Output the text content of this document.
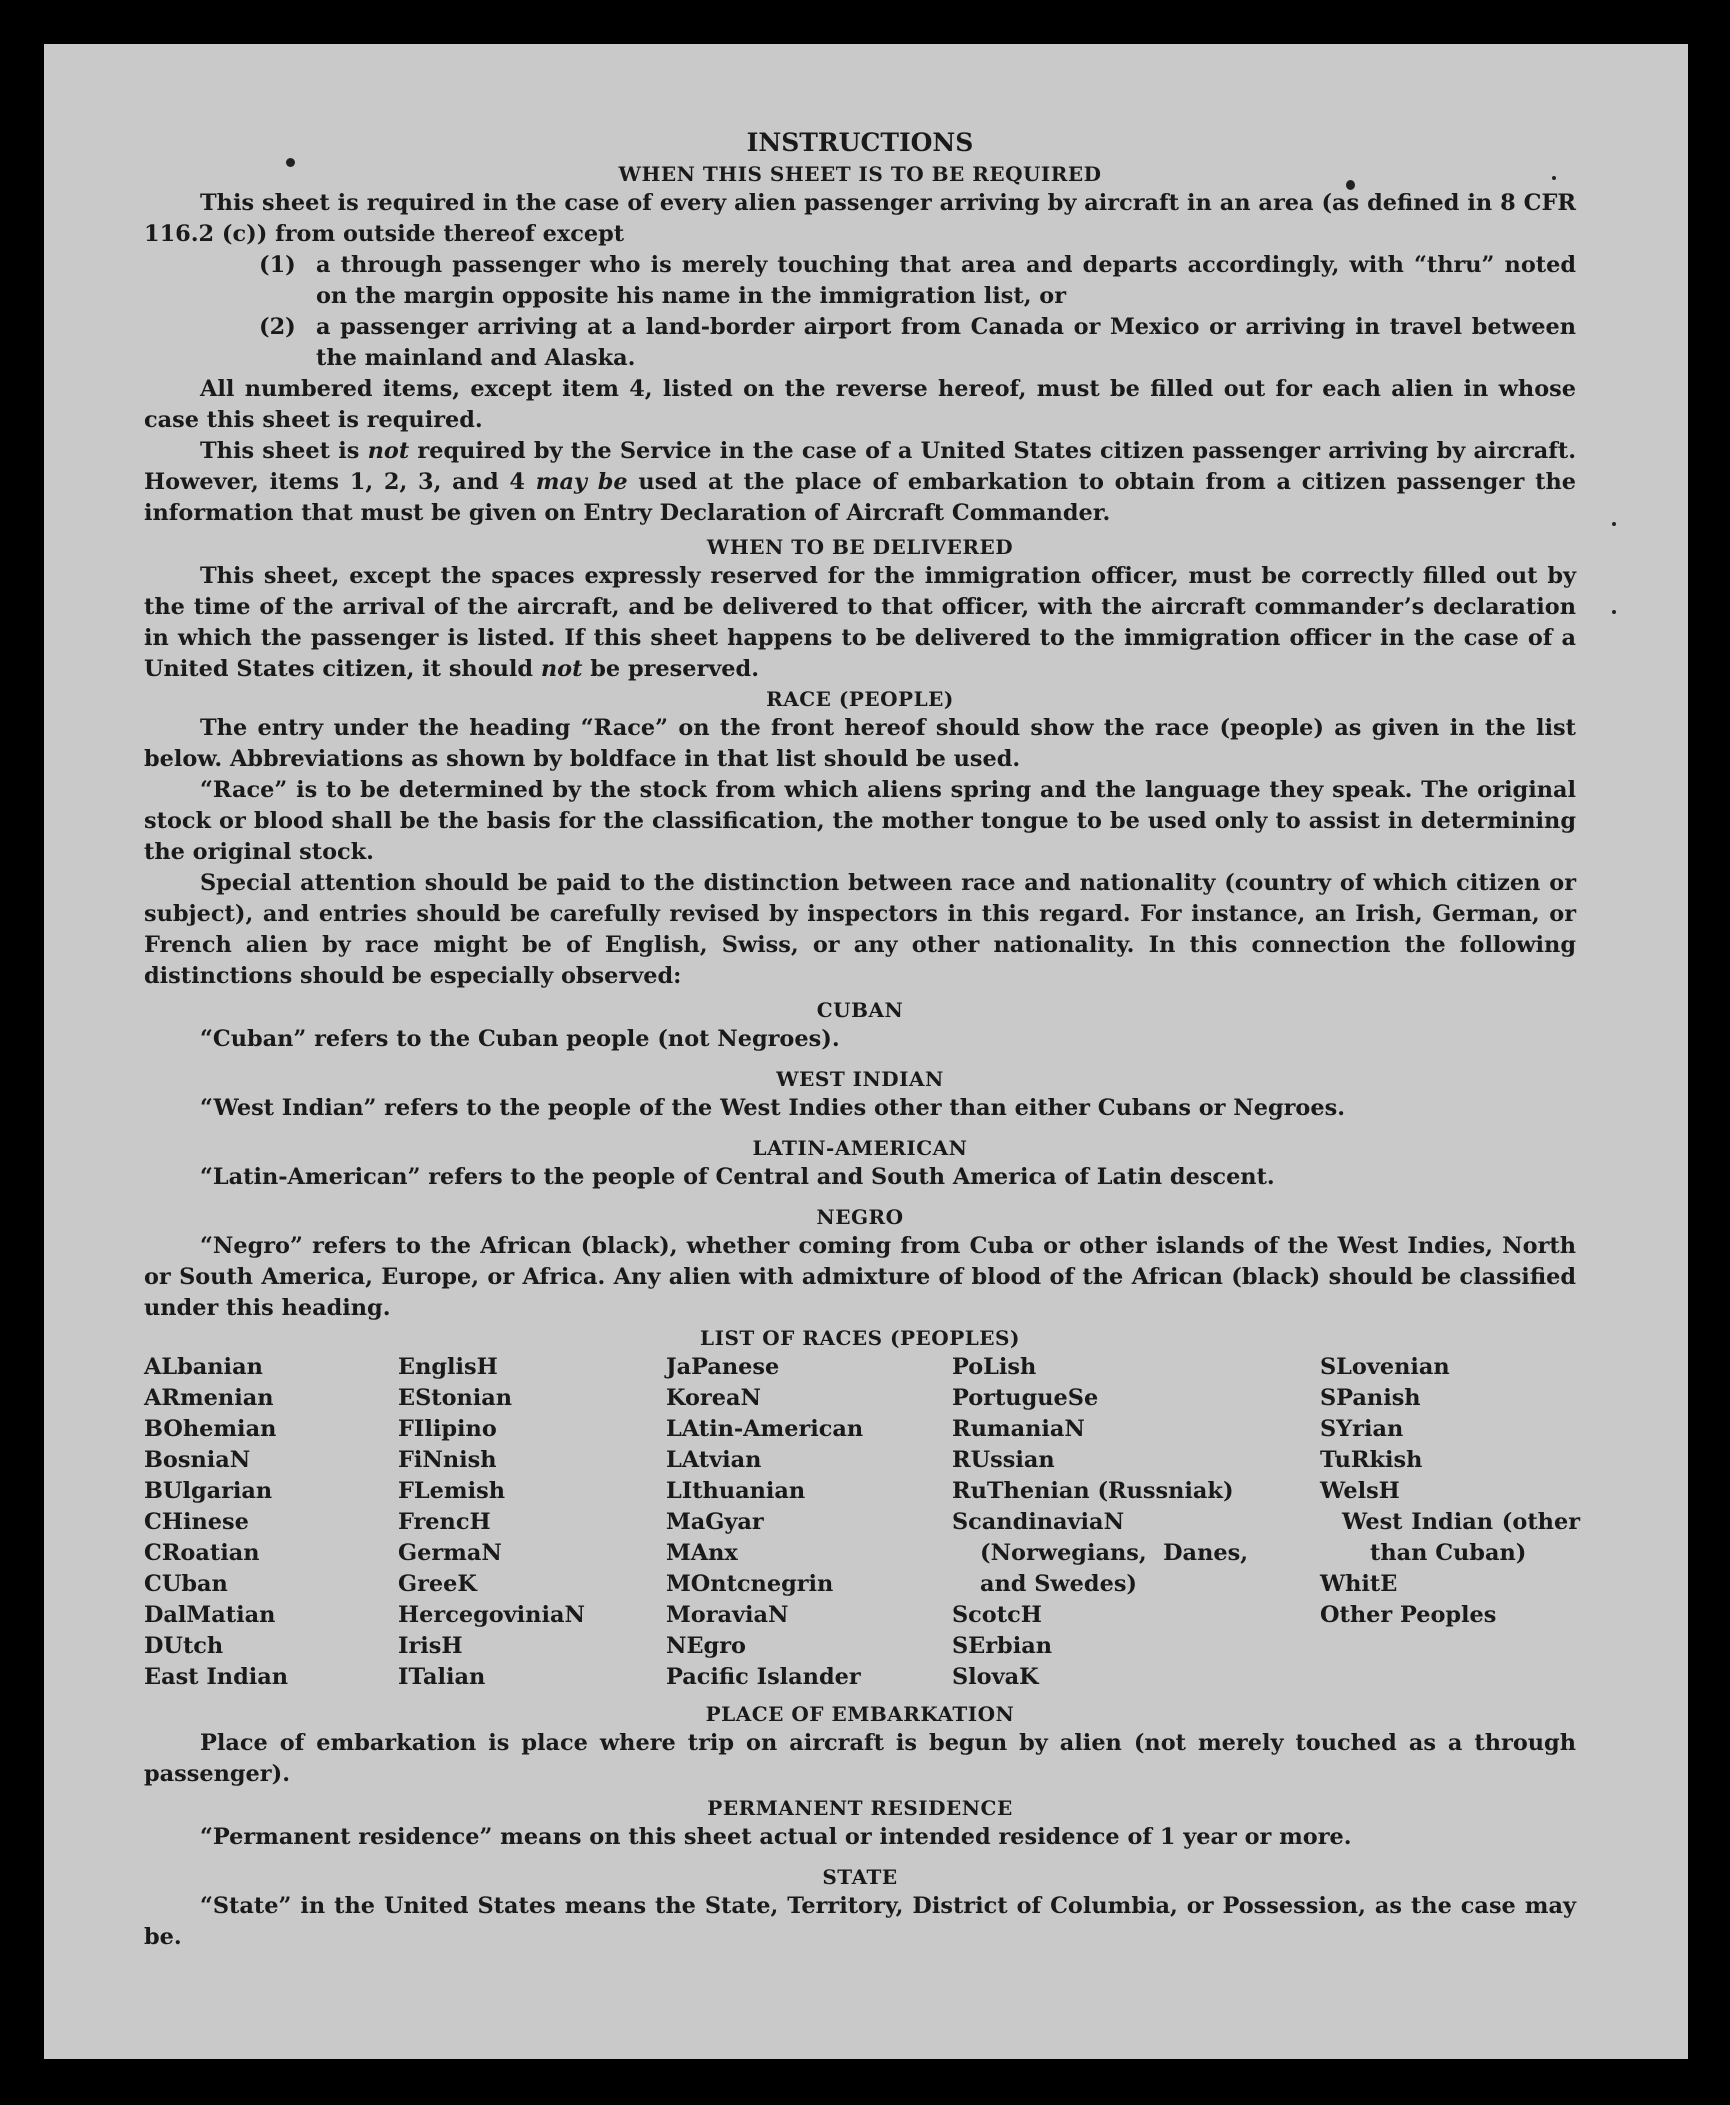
INSTRUCTIONS
WHEN THIS SHEET IS TO BE REQUIRED

This sheet is required in the case of every alien passenger arriving by aircraft in an area (as defined in 8 CFR 116.2 (c)) from outside thereof except

(1) a through passenger who is merely touching that area and departs accordingly, with “thru” noted on the margin opposite his name in the immigration list, or
(2) a passenger arriving at a land-border airport from Canada or Mexico or arriving in travel between the mainland and Alaska.

All numbered items, except item 4, listed on the reverse hereof, must be filled out for each alien in whose case this sheet is required.

This sheet is not required by the Service in the case of a United States citizen passenger arriving by aircraft. However, items 1, 2, 3, and 4 may be used at the place of embarkation to obtain from a citizen passenger the information that must be given on Entry Declaration of Aircraft Commander.

WHEN TO BE DELIVERED

This sheet, except the spaces expressly reserved for the immigration officer, must be correctly filled out by the time of the arrival of the aircraft, and be delivered to that officer, with the aircraft commander’s declaration in which the passenger is listed. If this sheet happens to be delivered to the immigration officer in the case of a United States citizen, it should not be preserved.

RACE (PEOPLE)

The entry under the heading “Race” on the front hereof should show the race (people) as given in the list below. Abbreviations as shown by boldface in that list should be used.

“Race” is to be determined by the stock from which aliens spring and the language they speak. The original stock or blood shall be the basis for the classification, the mother tongue to be used only to assist in determining the original stock.

Special attention should be paid to the distinction between race and nationality (country of which citizen or subject), and entries should be carefully revised by inspectors in this regard. For instance, an Irish, German, or French alien by race might be of English, Swiss, or any other nationality. In this connection the following distinctions should be especially observed:

CUBAN

“Cuban” refers to the Cuban people (not Negroes).

WEST INDIAN

“West Indian” refers to the people of the West Indies other than either Cubans or Negroes.

LATIN-AMERICAN

“Latin-American” refers to the people of Central and South America of Latin descent.

NEGRO

“Negro” refers to the African (black), whether coming from Cuba or other islands of the West Indies, North or South America, Europe, or Africa. Any alien with admixture of blood of the African (black) should be classified under this heading.

LIST OF RACES (PEOPLES)
ALbanian
ARmenian
BOhemian
BosniaN
BUlgarian
CHinese
CRoatian
CUban
DalMatian
DUtch
East Indian
EnglisH
EStonian
FIlipino
FiNnish
FLemish
FrencH
GermaN
GreeK
HercegoviniaN
IrisH
ITalian
JaPanese
KoreaN
LAtin-American
LAtvian
LIthuanian
MaGyar
MAnx
MOntcnegrin
MoraviaN
NEgro
Pacific Islander
PoLish
PortugueSe
RumaniaN
RUssian
RuThenian (Russniak)
ScandinaviaN (Norwegians, Danes, and Swedes)
ScotcH
SErbian
SlovaK
SLovenian
SPanish
SYrian
TuRkish
WelsH
West Indian (other than Cuban)
WhitE
Other Peoples
PLACE OF EMBARKATION

Place of embarkation is place where trip on aircraft is begun by alien (not merely touched as a through passenger).

PERMANENT RESIDENCE

“Permanent residence” means on this sheet actual or intended residence of 1 year or more.

STATE

“State” in the United States means the State, Territory, District of Columbia, or Possession, as the case may be.
